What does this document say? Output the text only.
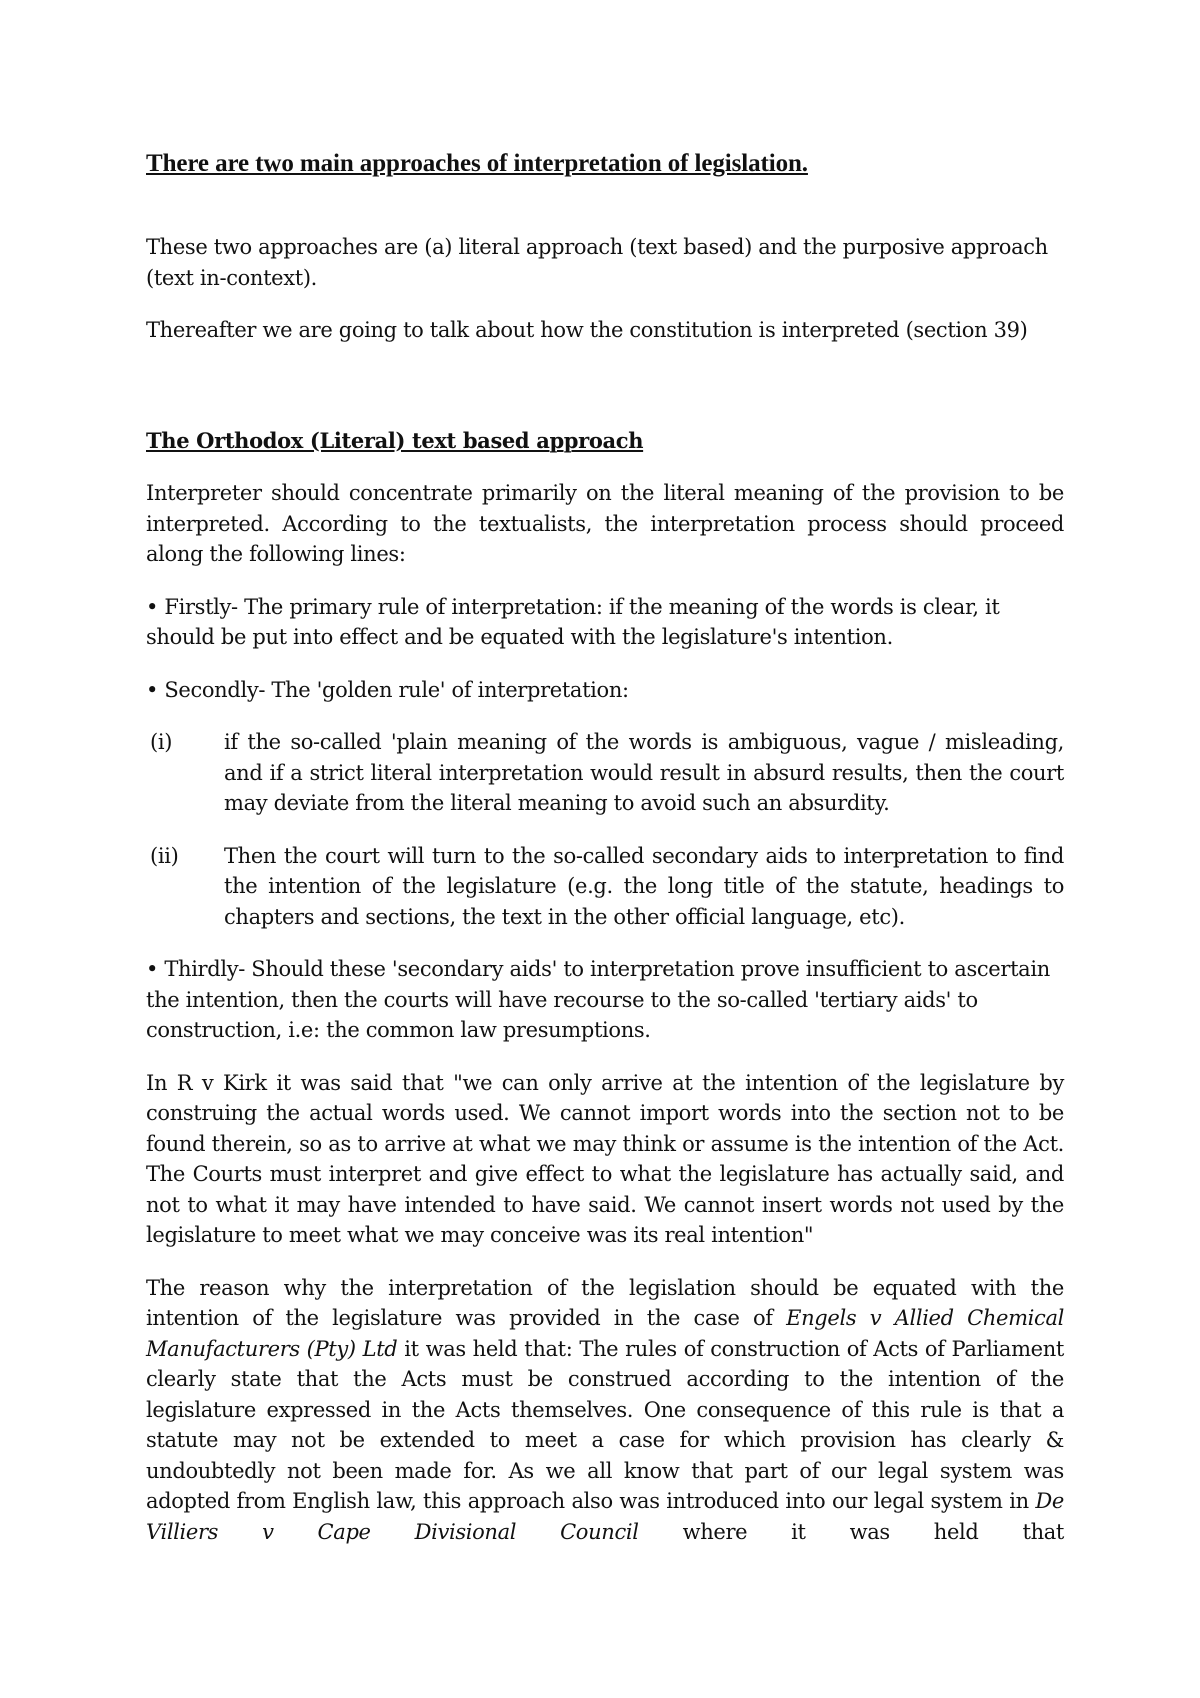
There are two main approaches of interpretation of legislation.

These two approaches are (a) literal approach (text based) and the purposive approach (text in-context).

Thereafter we are going to talk about how the constitution is interpreted (section 39)

The Orthodox (Literal) text based approach

Interpreter should concentrate primarily on the literal meaning of the provision to be interpreted. According to the textualists, the interpretation process should proceed along the following lines:

• Firstly- The primary rule of interpretation: if the meaning of the words is clear, it should be put into effect and be equated with the legislature's intention.

• Secondly- The 'golden rule' of interpretation:

(i)	if the so-called 'plain meaning of the words is ambiguous, vague / misleading, and if a strict literal interpretation would result in absurd results, then the court may deviate from the literal meaning to avoid such an absurdity.
(ii)	Then the court will turn to the so-called secondary aids to interpretation to find the intention of the legislature (e.g. the long title of the statute, headings to chapters and sections, the text in the other official language, etc).

• Thirdly- Should these 'secondary aids' to interpretation prove insufficient to ascertain the intention, then the courts will have recourse to the so-called 'tertiary aids' to construction, i.e: the common law presumptions.

In R v Kirk it was said that "we can only arrive at the intention of the legislature by construing the actual words used. We cannot import words into the section not to be found therein, so as to arrive at what we may think or assume is the intention of the Act. The Courts must interpret and give effect to what the legislature has actually said, and not to what it may have intended to have said. We cannot insert words not used by the legislature to meet what we may conceive was its real intention"

The reason why the interpretation of the legislation should be equated with the intention of the legislature was provided in the case of Engels v Allied Chemical Manufacturers (Pty) Ltd it was held that: The rules of construction of Acts of Parliament clearly state that the Acts must be construed according to the intention of the legislature expressed in the Acts themselves. One consequence of this rule is that a statute may not be extended to meet a case for which provision has clearly & undoubtedly not been made for. As we all know that part of our legal system was adopted from English law, this approach also was introduced into our legal system in De Villiers v Cape Divisional Council where it was held that
